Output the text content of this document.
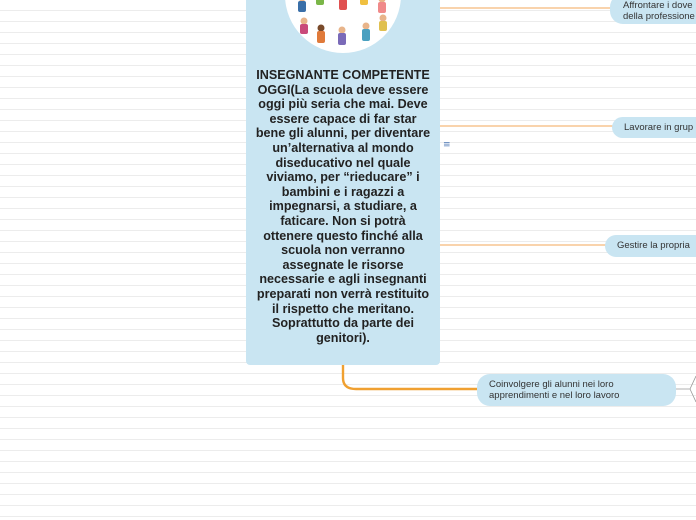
INSEGNANTE COMPETENTE OGGI(La scuola deve essere oggi più seria che mai. Deve essere capace di far star bene gli alunni, per diventare un’alternativa al mondo diseducativo nel quale viviamo, per “rieducare” i bambini e i ragazzi a impegnarsi, a studiare, a faticare. Non si potrà ottenere questo finché alla scuola non verranno assegnate le risorse necessarie e agli insegnanti preparati non verrà restituito il rispetto che meritano. Soprattutto da parte dei genitori).
≡
Affrontare i dove
della professione
Lavorare in grup
Gestire la propria
Coinvolgere gli alunni nei loro
apprendimenti e nel loro lavoro
